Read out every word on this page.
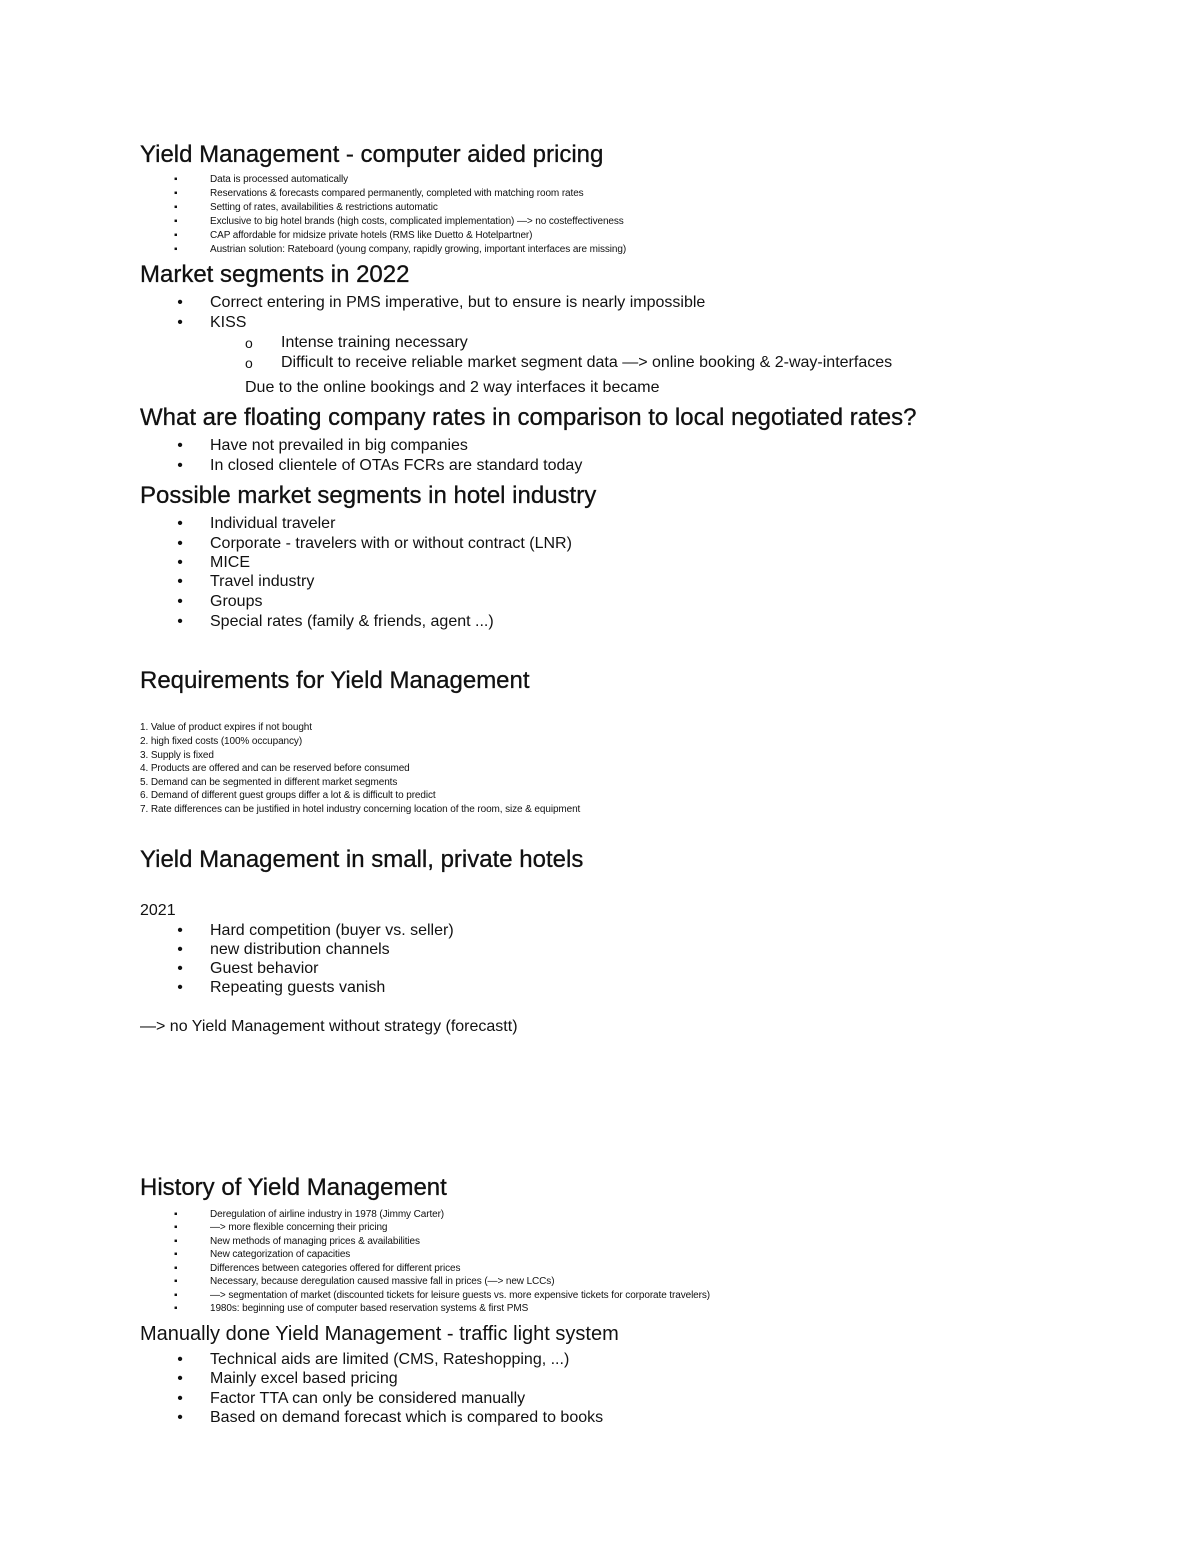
Yield Management - computer aided pricing
▪	Data is processed automatically
▪	Reservations & forecasts compared permanently, completed with matching room rates
▪	Setting of rates, availabilities & restrictions automatic
▪	Exclusive to big hotel brands (high costs, complicated implementation) —> no costeffectiveness
▪	CAP affordable for midsize private hotels (RMS like Duetto & Hotelpartner)
▪	Austrian solution: Rateboard (young company, rapidly growing, important interfaces are missing)
Market segments in 2022
• Correct entering in PMS imperative, but to ensure is nearly impossible
• KISS
o Intense training necessary
o Difficult to receive reliable market segment data —> online booking & 2-way-interfaces
Due to the online bookings and 2 way interfaces it became
What are floating company rates in comparison to local negotiated rates?
• Have not prevailed in big companies
• In closed clientele of OTAs FCRs are standard today
Possible market segments in hotel industry
• Individual traveler
• Corporate - travelers with or without contract (LNR)
• MICE
• Travel industry
• Groups
• Special rates (family & friends, agent ...)
Requirements for Yield Management
1. Value of product expires if not bought
2. high fixed costs (100% occupancy)
3. Supply is fixed
4. Products are offered and can be reserved before consumed
5. Demand can be segmented in different market segments
6. Demand of different guest groups differ a lot & is difficult to predict
7. Rate differences can be justified in hotel industry concerning location of the room, size & equipment
Yield Management in small, private hotels
2021
• Hard competition (buyer vs. seller)
• new distribution channels
• Guest behavior
• Repeating guests vanish
—> no Yield Management without strategy (forecastt)
History of Yield Management
▪	Deregulation of airline industry in 1978 (Jimmy Carter)
▪	—> more flexible concerning their pricing
▪	New methods of managing prices & availabilities
▪	New categorization of capacities
▪	Differences between categories offered for different prices
▪	Necessary, because deregulation caused massive fall in prices (—> new LCCs)
▪	—> segmentation of market (discounted tickets for leisure guests vs. more expensive tickets for corporate travelers)
▪	1980s: beginning use of computer based reservation systems & first PMS
Manually done Yield Management - traffic light system
• Technical aids are limited (CMS, Rateshopping, ...)
• Mainly excel based pricing
• Factor TTA can only be considered manually
• Based on demand forecast which is compared to books
